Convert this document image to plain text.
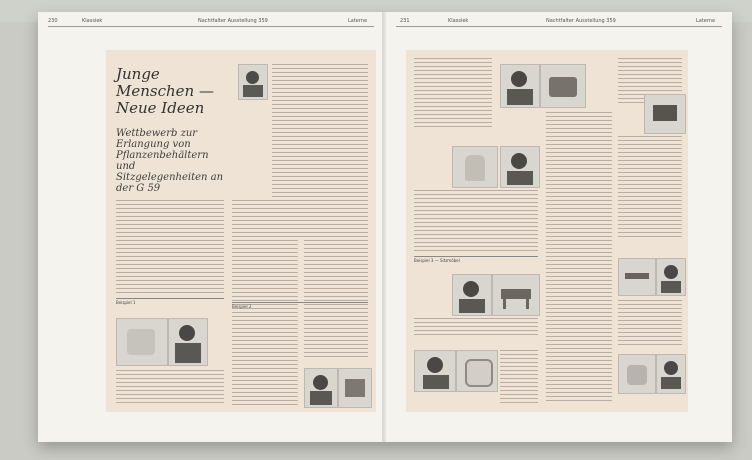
230	Klassiek	Nachtfalter Ausstellung 359	Laterne
Junge Menschen — Neue Ideen
Wettbewerb zur Erlangung von Pflanzenbehältern und Sitzgelegenheiten an der G 59
Beispiel 1
Beispiel 2
231	Klassiek	Nachtfalter Ausstellung 359	Laterne
Beispiel 3 — Sitzmöbel
